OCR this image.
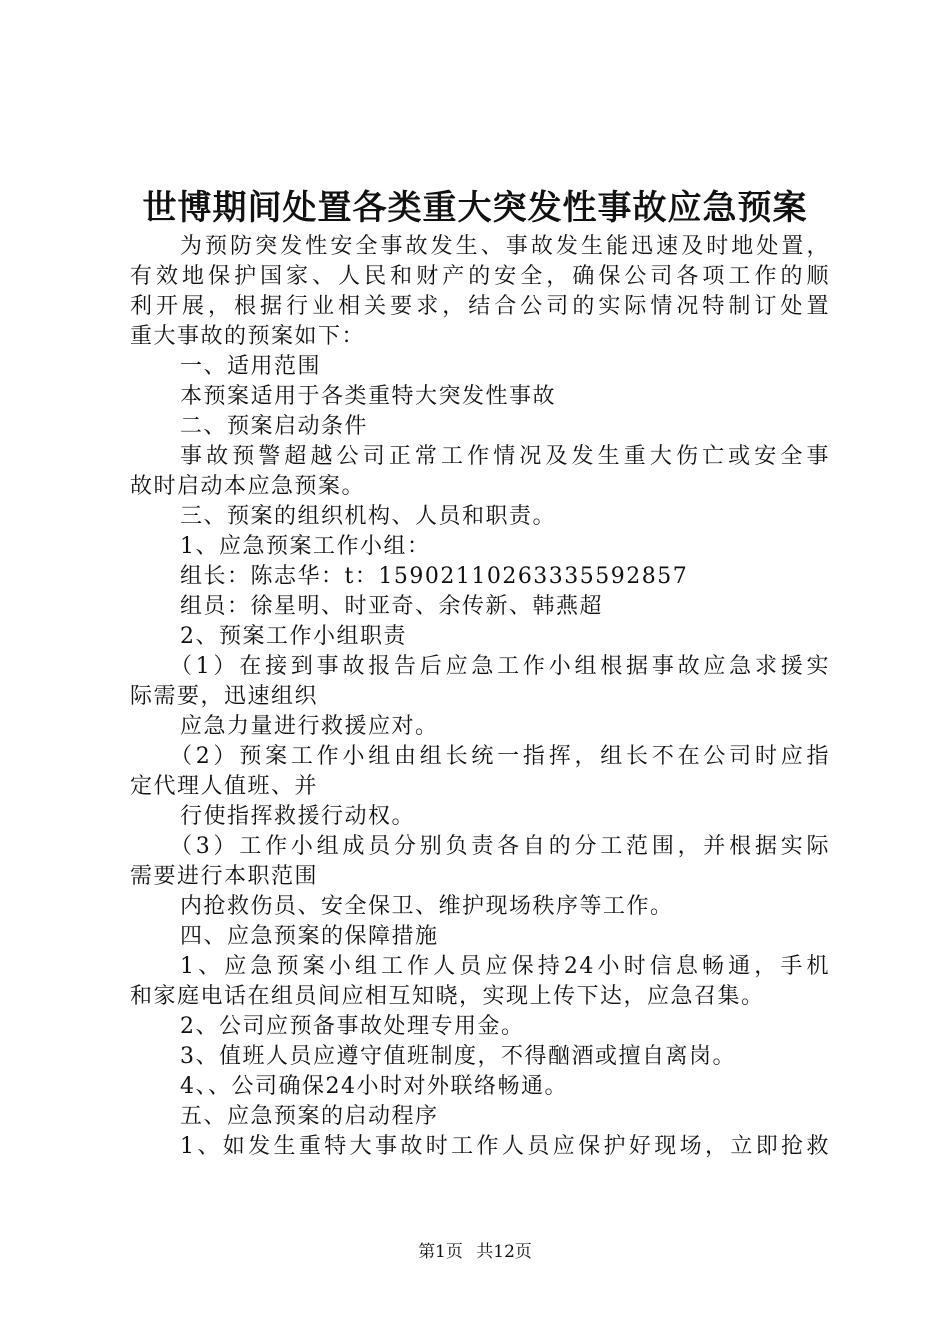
世博期间处置各类重大突发性事故应急预案
为预防突发性安全事故发生、事故发生能迅速及时地处置，
有效地保护国家、人民和财产的安全，确保公司各项工作的顺
利开展，根据行业相关要求，结合公司的实际情况特制订处置
重大事故的预案如下：
一、适用范围
本预案适用于各类重特大突发性事故
二、预案启动条件
事故预警超越公司正常工作情况及发生重大伤亡或安全事
故时启动本应急预案。
三、预案的组织机构、人员和职责。
1、应急预案工作小组：
组长：陈志华：t：15902110263335592857
组员：徐星明、时亚奇、余传新、韩燕超
2、预案工作小组职责
（1）在接到事故报告后应急工作小组根据事故应急求援实
际需要，迅速组织
应急力量进行救援应对。
（2）预案工作小组由组长统一指挥，组长不在公司时应指
定代理人值班、并
行使指挥救援行动权。
（3）工作小组成员分别负责各自的分工范围，并根据实际
需要进行本职范围
内抢救伤员、安全保卫、维护现场秩序等工作。
四、应急预案的保障措施
1、应急预案小组工作人员应保持24小时信息畅通，手机
和家庭电话在组员间应相互知晓，实现上传下达，应急召集。
2、公司应预备事故处理专用金。
3、值班人员应遵守值班制度，不得酗酒或擅自离岗。
4、、公司确保24小时对外联络畅通。
五、应急预案的启动程序
1、如发生重特大事故时工作人员应保护好现场，立即抢救
第1页 共12页
